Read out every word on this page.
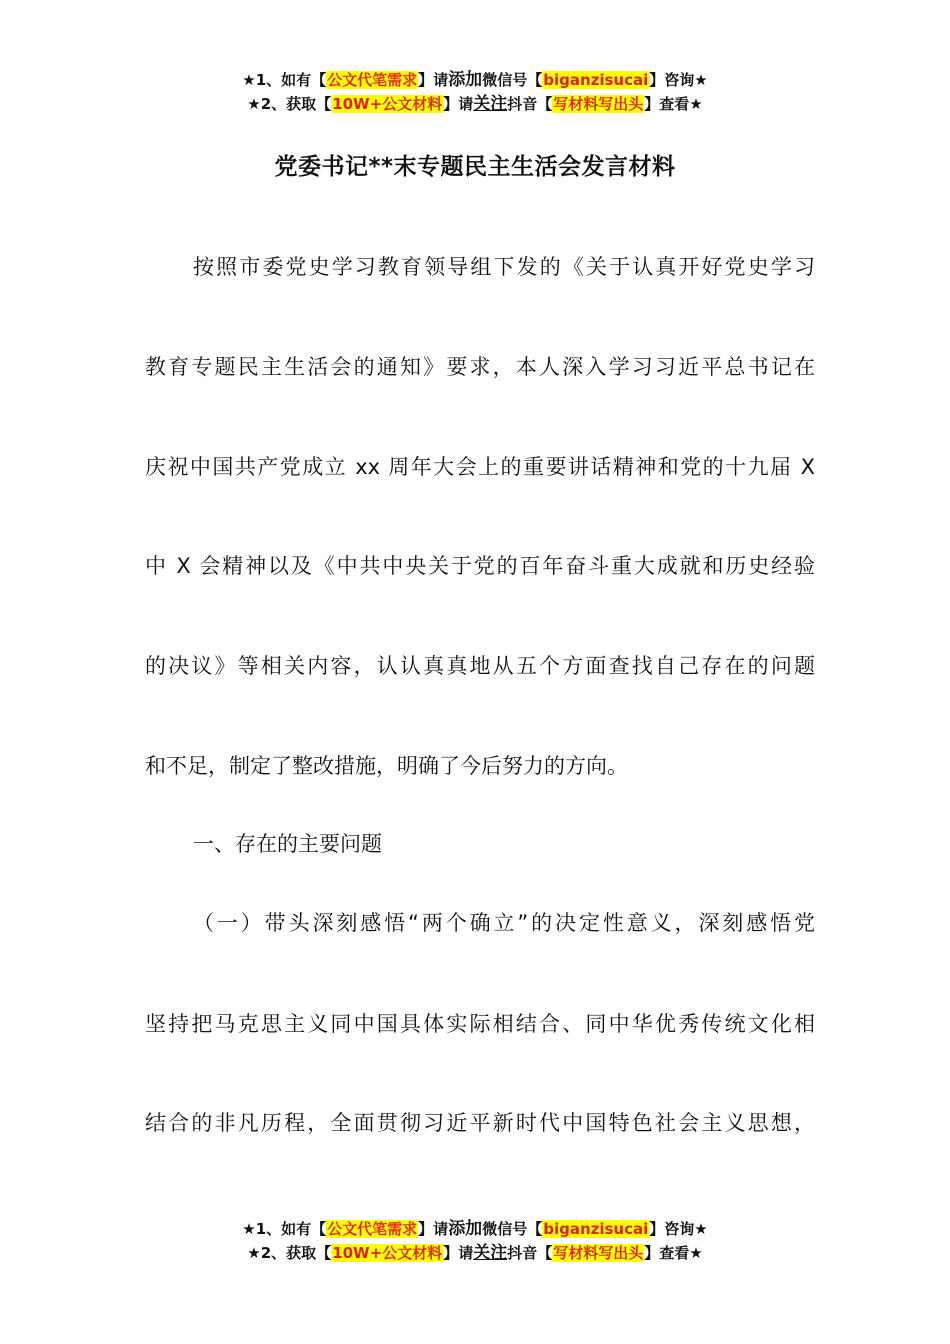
★1、如有【公文代笔需求】请添加微信号【biganzisucai】咨询★
★2、获取【10W+公文材料】请关注抖音【写材料写出头】查看★
党委书记**末专题民主生活会发言材料
按照市委党史学习教育领导组下发的《关于认真开好党史学习
教育专题民主生活会的通知》要求，本人深入学习习近平总书记在
庆祝中国共产党成立 xx 周年大会上的重要讲话精神和党的十九届 X
中 X 会精神以及《中共中央关于党的百年奋斗重大成就和历史经验
的决议》等相关内容，认认真真地从五个方面查找自己存在的问题
和不足，制定了整改措施，明确了今后努力的方向。
一、存在的主要问题
（一）带头深刻感悟“两个确立”的决定性意义，深刻感悟党
坚持把马克思主义同中国具体实际相结合、同中华优秀传统文化相
结合的非凡历程，全面贯彻习近平新时代中国特色社会主义思想，
★1、如有【公文代笔需求】请添加微信号【biganzisucai】咨询★
★2、获取【10W+公文材料】请关注抖音【写材料写出头】查看★
